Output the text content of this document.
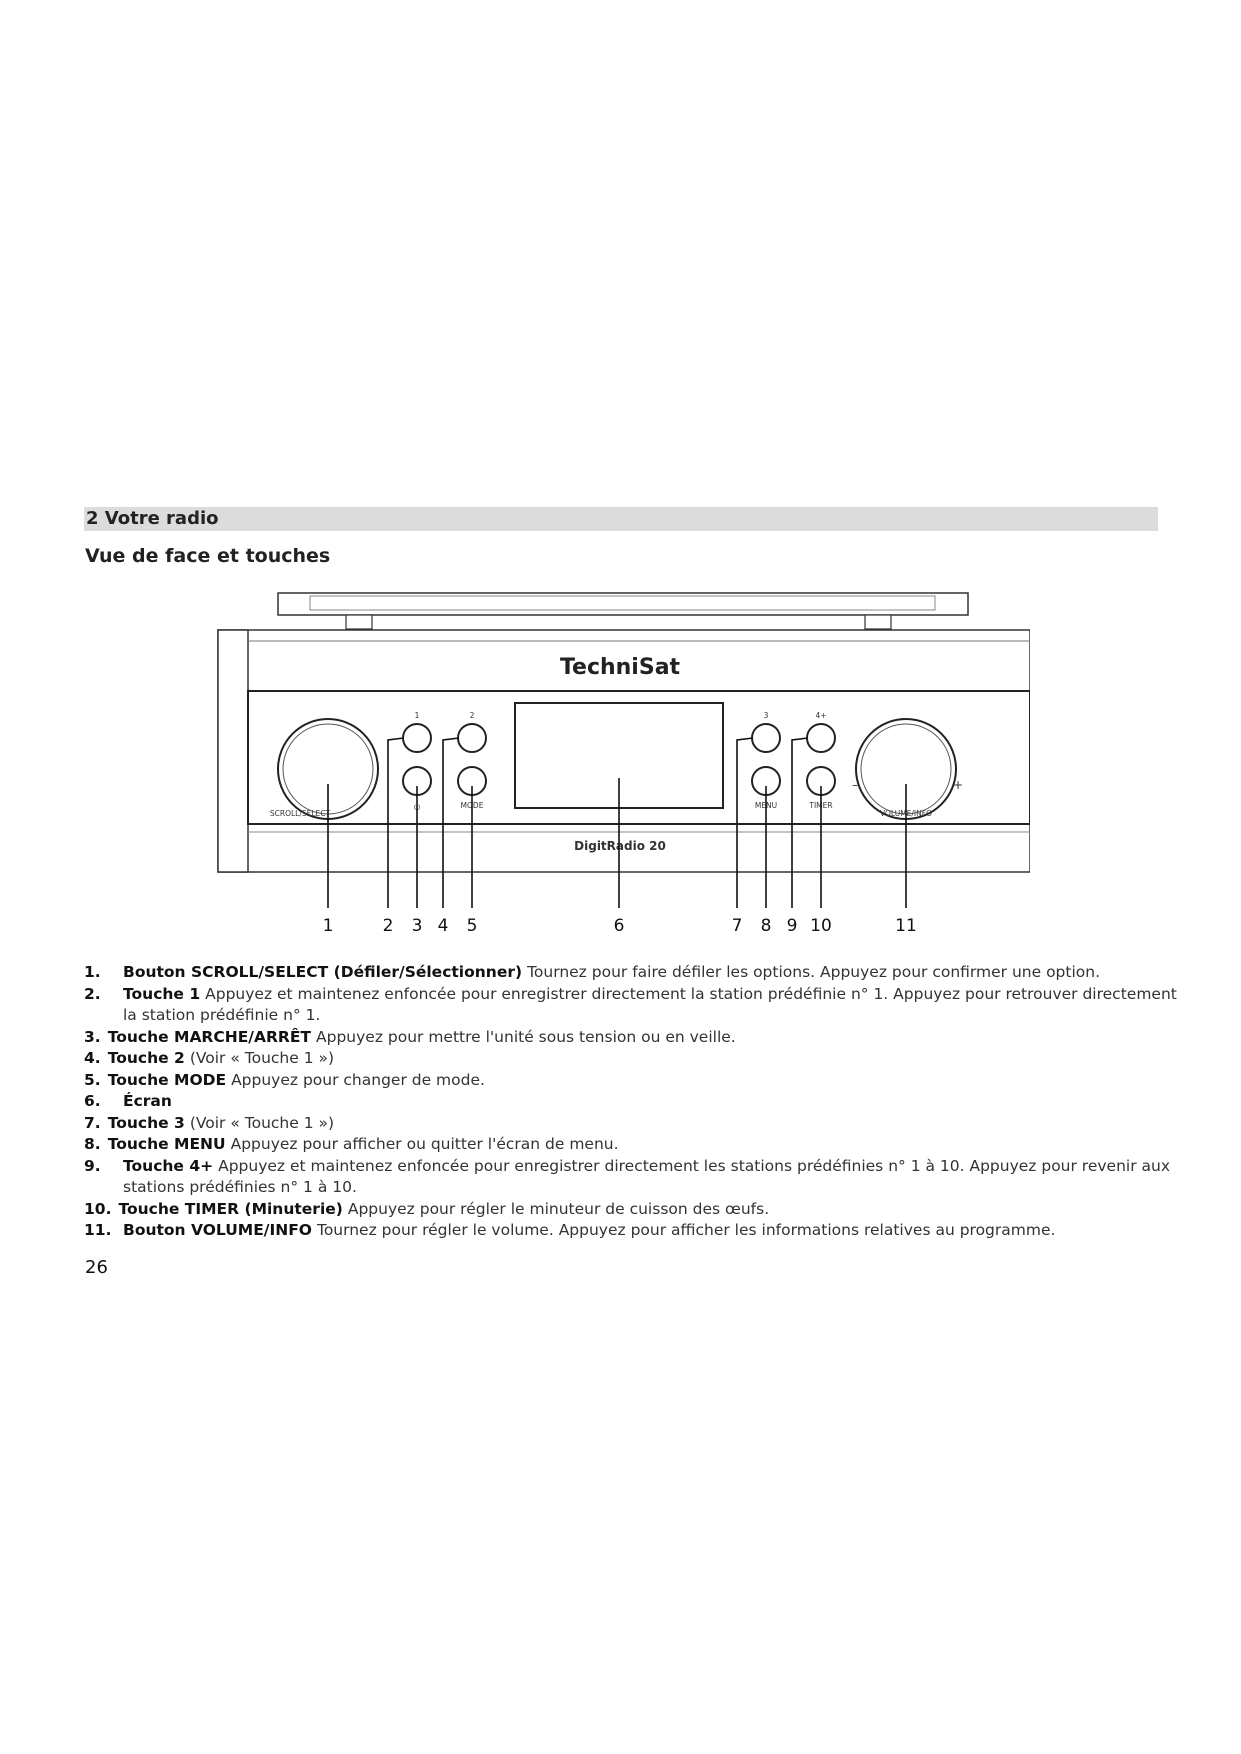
2 Votre radio
Vue de face et touches
TechniSat
SCROLL/SELECT	VOLUME/INFO
–	+
1	2
⏻	MODE
3	4+
MENU	TIMER
DigitRadio 20
1	2 3 4 5	6	7 8 9 10	11
1. Bouton SCROLL/SELECT (Défiler/Sélectionner) Tournez pour faire défiler les options. Appuyez pour confirmer une option.
2. Touche 1 Appuyez et maintenez enfoncée pour enregistrer directement la station prédéfinie n° 1. Appuyez pour retrouver directement la station prédéfinie n° 1.
3. Touche MARCHE/ARRÊT Appuyez pour mettre l'unité sous tension ou en veille.
4. Touche 2 (Voir « Touche 1 »)
5. Touche MODE Appuyez pour changer de mode.
6. Écran
7. Touche 3 (Voir « Touche 1 »)
8. Touche MENU Appuyez pour afficher ou quitter l'écran de menu.
9. Touche 4+ Appuyez et maintenez enfoncée pour enregistrer directement les stations prédéfinies n° 1 à 10. Appuyez pour revenir aux stations prédéfinies n° 1 à 10.
10. Touche TIMER (Minuterie) Appuyez pour régler le minuteur de cuisson des œufs.
11. Bouton VOLUME/INFO Tournez pour régler le volume. Appuyez pour afficher les informations relatives au programme.
26
